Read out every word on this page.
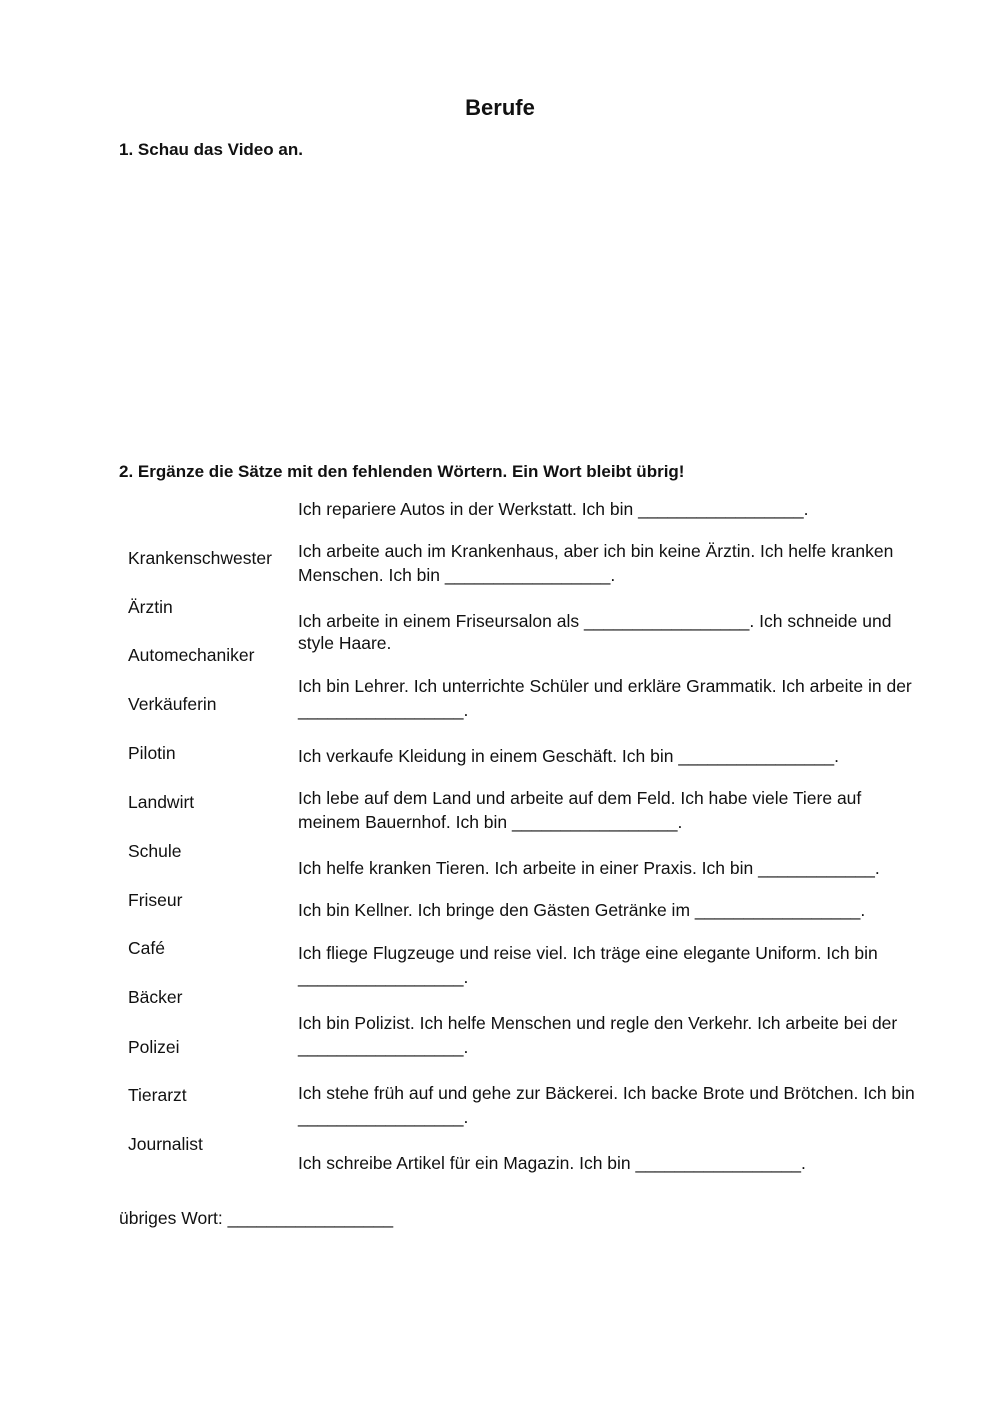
Berufe
1. Schau das Video an.
2. Ergänze die Sätze mit den fehlenden Wörtern. Ein Wort bleibt übrig!
Krankenschwester
Ärztin
Automechaniker
Verkäuferin
Pilotin
Landwirt
Schule
Friseur
Café
Bäcker
Polizei
Tierarzt
Journalist
Ich repariere Autos in der Werkstatt. Ich bin _________________.
Ich arbeite auch im Krankenhaus, aber ich bin keine Ärztin. Ich helfe kranken Menschen. Ich bin _________________.
Ich arbeite in einem Friseursalon als _________________. Ich schneide und style Haare.
Ich bin Lehrer. Ich unterrichte Schüler und erkläre Grammatik. Ich arbeite in der _________________.
Ich verkaufe Kleidung in einem Geschäft. Ich bin ________________.
Ich lebe auf dem Land und arbeite auf dem Feld. Ich habe viele Tiere auf meinem Bauernhof. Ich bin _________________.
Ich helfe kranken Tieren. Ich arbeite in einer Praxis. Ich bin ____________.
Ich bin Kellner. Ich bringe den Gästen Getränke im _________________.
Ich fliege Flugzeuge und reise viel. Ich träge eine elegante Uniform. Ich bin _________________.
Ich bin Polizist. Ich helfe Menschen und regle den Verkehr. Ich arbeite bei der _________________.
Ich stehe früh auf und gehe zur Bäckerei. Ich backe Brote und Brötchen. Ich bin _________________.
Ich schreibe Artikel für ein Magazin. Ich bin _________________.
übriges Wort: _________________
